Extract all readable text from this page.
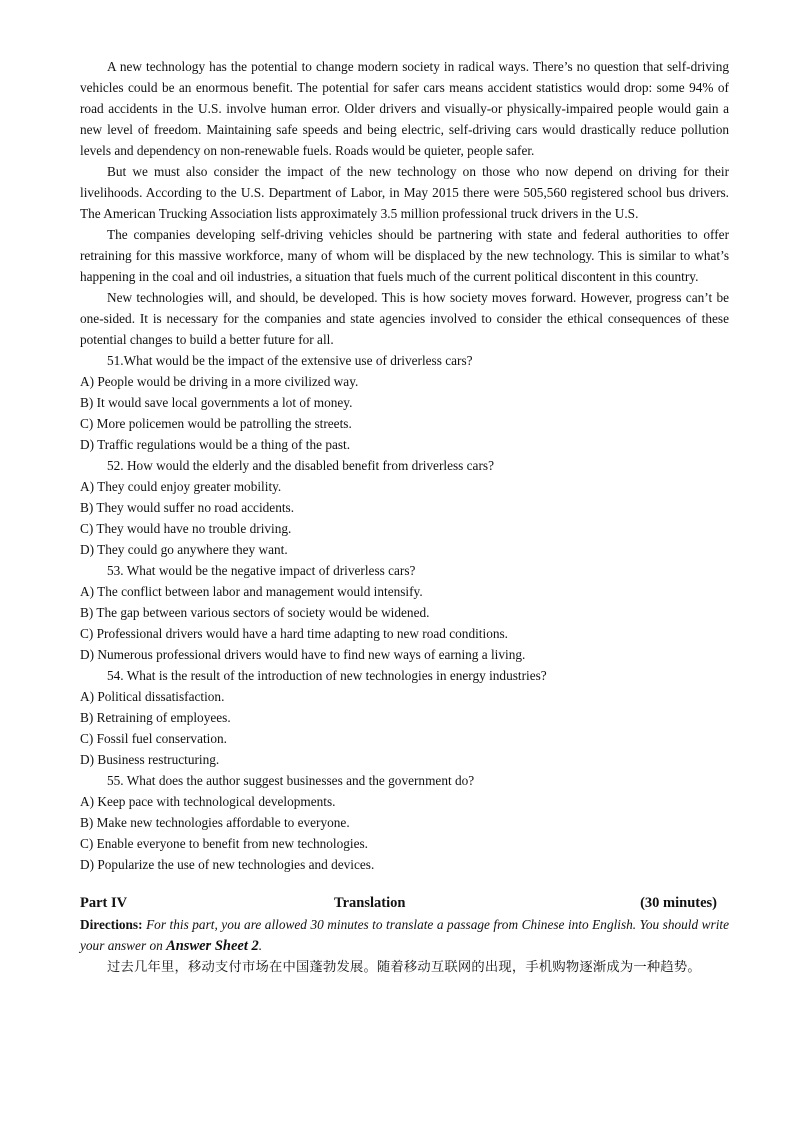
A new technology has the potential to change modern society in radical ways. There’s no question that self-driving vehicles could be an enormous benefit. The potential for safer cars means accident statistics would drop: some 94% of road accidents in the U.S. involve human error. Older drivers and visually-or physically-impaired people would gain a new level of freedom. Maintaining safe speeds and being electric, self-driving cars would drastically reduce pollution levels and dependency on non-renewable fuels. Roads would be quieter, people safer.

But we must also consider the impact of the new technology on those who now depend on driving for their livelihoods. According to the U.S. Department of Labor, in May 2015 there were 505,560 registered school bus drivers. The American Trucking Association lists approximately 3.5 million professional truck drivers in the U.S.

The companies developing self-driving vehicles should be partnering with state and federal authorities to offer retraining for this massive workforce, many of whom will be displaced by the new technology. This is similar to what’s happening in the coal and oil industries, a situation that fuels much of the current political discontent in this country.

New technologies will, and should, be developed. This is how society moves forward. However, progress can’t be one-sided. It is necessary for the companies and state agencies involved to consider the ethical consequences of these potential changes to build a better future for all.

51.What would be the impact of the extensive use of driverless cars?

A) People would be driving in a more civilized way.

B) It would save local governments a lot of money.

C) More policemen would be patrolling the streets.

D) Traffic regulations would be a thing of the past.

52. How would the elderly and the disabled benefit from driverless cars?

A) They could enjoy greater mobility.

B) They would suffer no road accidents.

C) They would have no trouble driving.

D) They could go anywhere they want.

53. What would be the negative impact of driverless cars?

A) The conflict between labor and management would intensify.

B) The gap between various sectors of society would be widened.

C) Professional drivers would have a hard time adapting to new road conditions.

D) Numerous professional drivers would have to find new ways of earning a living.

54. What is the result of the introduction of new technologies in energy industries?

A) Political dissatisfaction.

B) Retraining of employees.

C) Fossil fuel conservation.

D) Business restructuring.

55. What does the author suggest businesses and the government do?

A) Keep pace with technological developments.

B) Make new technologies affordable to everyone.

C) Enable everyone to benefit from new technologies.

D) Popularize the use of new technologies and devices.

Part IV	Translation	(30 minutes)

Directions: For this part, you are allowed 30 minutes to translate a passage from Chinese into English. You should write your answer on Answer Sheet 2.

过去几年里，移动支付市场在中国蓬勃发展。随着移动互联网的出现，手机购物逐渐成为一种趋势。
